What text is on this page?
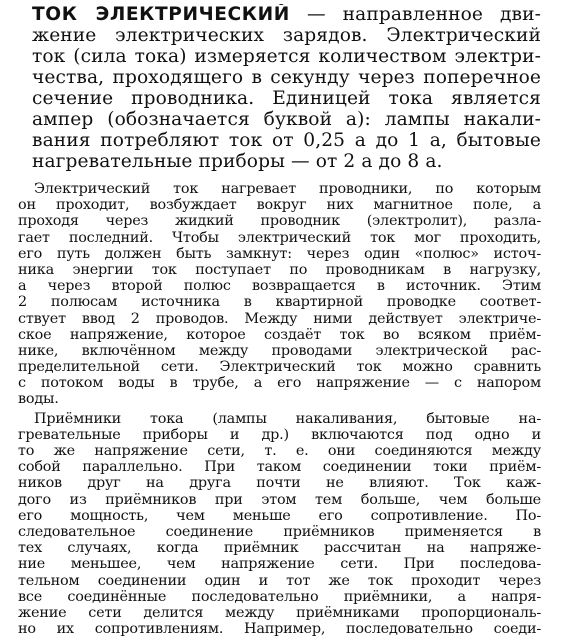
ТОК ЭЛЕКТРИЧЕСКИЙ — направленное дви-
жение электрических зарядов. Электрический
ток (сила тока) измеряется количеством электри-
чества, проходящего в секунду через поперечное
сечение проводника. Единицей тока является
ампер (обозначается буквой а): лампы накали-
вания потребляют ток от 0,25 а до 1 а, бытовые
нагревательные приборы — от 2 а до 8 а.
Электрический ток нагревает проводники, по которым
он проходит, возбуждает вокруг них магнитное поле, а
проходя через жидкий проводник (электролит), разла-
гает последний. Чтобы электрический ток мог проходить,
его путь должен быть замкнут: через один «полюс» источ-
ника энергии ток поступает по проводникам в нагрузку,
а через второй полюс возвращается в источник. Этим
2 полюсам источника в квартирной проводке соответ-
ствует ввод 2 проводов. Между ними действует электриче-
ское напряжение, которое создаёт ток во всяком приём-
нике, включённом между проводами электрической рас-
пределительной сети. Электрический ток можно сравнить
с потоком воды в трубе, а его напряжение — с напором
воды.
Приёмники тока (лампы накаливания, бытовые на-
гревательные приборы и др.) включаются под одно и
то же напряжение сети, т. е. они соединяются между
собой параллельно. При таком соединении токи приём-
ников друг на друга почти не влияют. Ток каж-
дого из приёмников при этом тем больше, чем больше
его мощность, чем меньше его сопротивление. По-
следовательное соединение приёмников применяется в
тех случаях, когда приёмник рассчитан на напряже-
ние меньшее, чем напряжение сети. При последова-
тельном соединении один и тот же ток проходит через
все соединённые последовательно приёмники, а напря-
жение сети делится между приёмниками пропорциональ-
но их сопротивлениям. Например, последовательно соеди-
